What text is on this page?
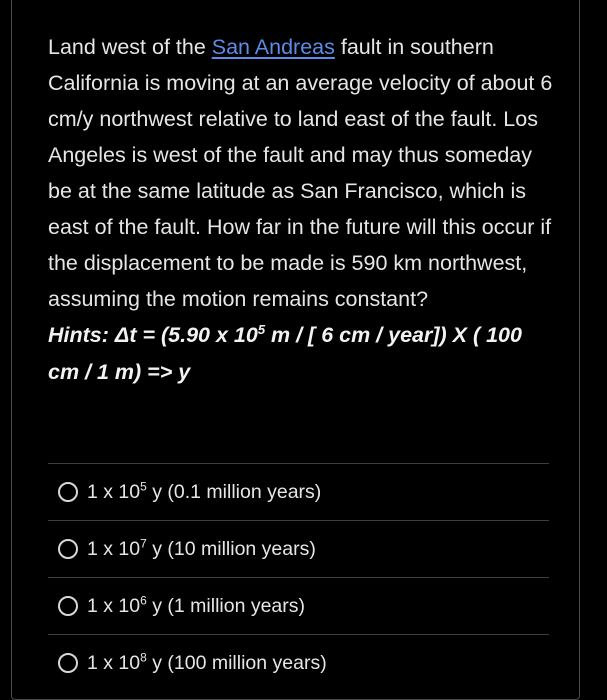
Land west of the San Andreas fault in southern California is moving at an average velocity of about 6 cm/y northwest relative to land east of the fault. Los Angeles is west of the fault and may thus someday be at the same latitude as San Francisco, which is east of the fault. How far in the future will this occur if the displacement to be made is 590 km northwest, assuming the motion remains constant?

Hints: Δt = (5.90 x $10^5$ m / [ 6 cm / year]) X ( 100 cm / 1 m) => y

1 x $10^5$ y (0.1 million years)
1 x $10^7$ y (10 million years)
1 x $10^6$ y (1 million years)
1 x $10^8$ y (100 million years)
